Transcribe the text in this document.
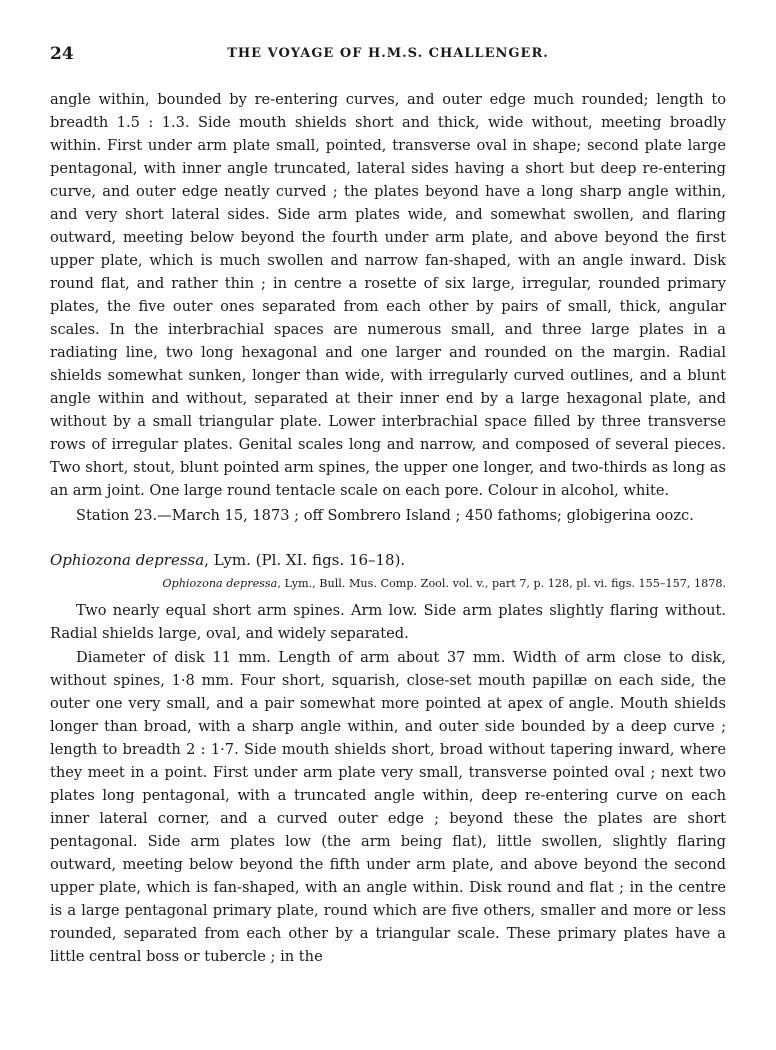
24	THE VOYAGE OF H.M.S. CHALLENGER.

angle within, bounded by re-entering curves, and outer edge much rounded; length to breadth 1.5 : 1.3. Side mouth shields short and thick, wide without, meeting broadly within. First under arm plate small, pointed, transverse oval in shape; second plate large pentagonal, with inner angle truncated, lateral sides having a short but deep re-entering curve, and outer edge neatly curved ; the plates beyond have a long sharp angle within, and very short lateral sides. Side arm plates wide, and somewhat swollen, and flaring outward, meeting below beyond the fourth under arm plate, and above beyond the first upper plate, which is much swollen and narrow fan-shaped, with an angle inward. Disk round flat, and rather thin ; in centre a rosette of six large, irregular, rounded primary plates, the five outer ones separated from each other by pairs of small, thick, angular scales. In the interbrachial spaces are numerous small, and three large plates in a radiating line, two long hexagonal and one larger and rounded on the margin. Radial shields somewhat sunken, longer than wide, with irregularly curved outlines, and a blunt angle within and without, separated at their inner end by a large hexagonal plate, and without by a small triangular plate. Lower interbrachial space filled by three transverse rows of irregular plates. Genital scales long and narrow, and composed of several pieces. Two short, stout, blunt pointed arm spines, the upper one longer, and two-thirds as long as an arm joint. One large round tentacle scale on each pore. Colour in alcohol, white.

Station 23.—March 15, 1873 ; off Sombrero Island ; 450 fathoms; globigerina oozc.

Ophiozona depressa, Lym. (Pl. XI. figs. 16–18).

Ophiozona depressa, Lym., Bull. Mus. Comp. Zool. vol. v., part 7, p. 128, pl. vi. figs. 155–157, 1878.

Two nearly equal short arm spines. Arm low. Side arm plates slightly flaring without. Radial shields large, oval, and widely separated.

Diameter of disk 11 mm. Length of arm about 37 mm. Width of arm close to disk, without spines, 1·8 mm. Four short, squarish, close-set mouth papillæ on each side, the outer one very small, and a pair somewhat more pointed at apex of angle. Mouth shields longer than broad, with a sharp angle within, and outer side bounded by a deep curve ; length to breadth 2 : 1·7. Side mouth shields short, broad without tapering inward, where they meet in a point. First under arm plate very small, transverse pointed oval ; next two plates long pentagonal, with a truncated angle within, deep re-entering curve on each inner lateral corner, and a curved outer edge ; beyond these the plates are short pentagonal. Side arm plates low (the arm being flat), little swollen, slightly flaring outward, meeting below beyond the fifth under arm plate, and above beyond the second upper plate, which is fan-shaped, with an angle within. Disk round and flat ; in the centre is a large pentagonal primary plate, round which are five others, smaller and more or less rounded, separated from each other by a triangular scale. These primary plates have a little central boss or tubercle ; in the
